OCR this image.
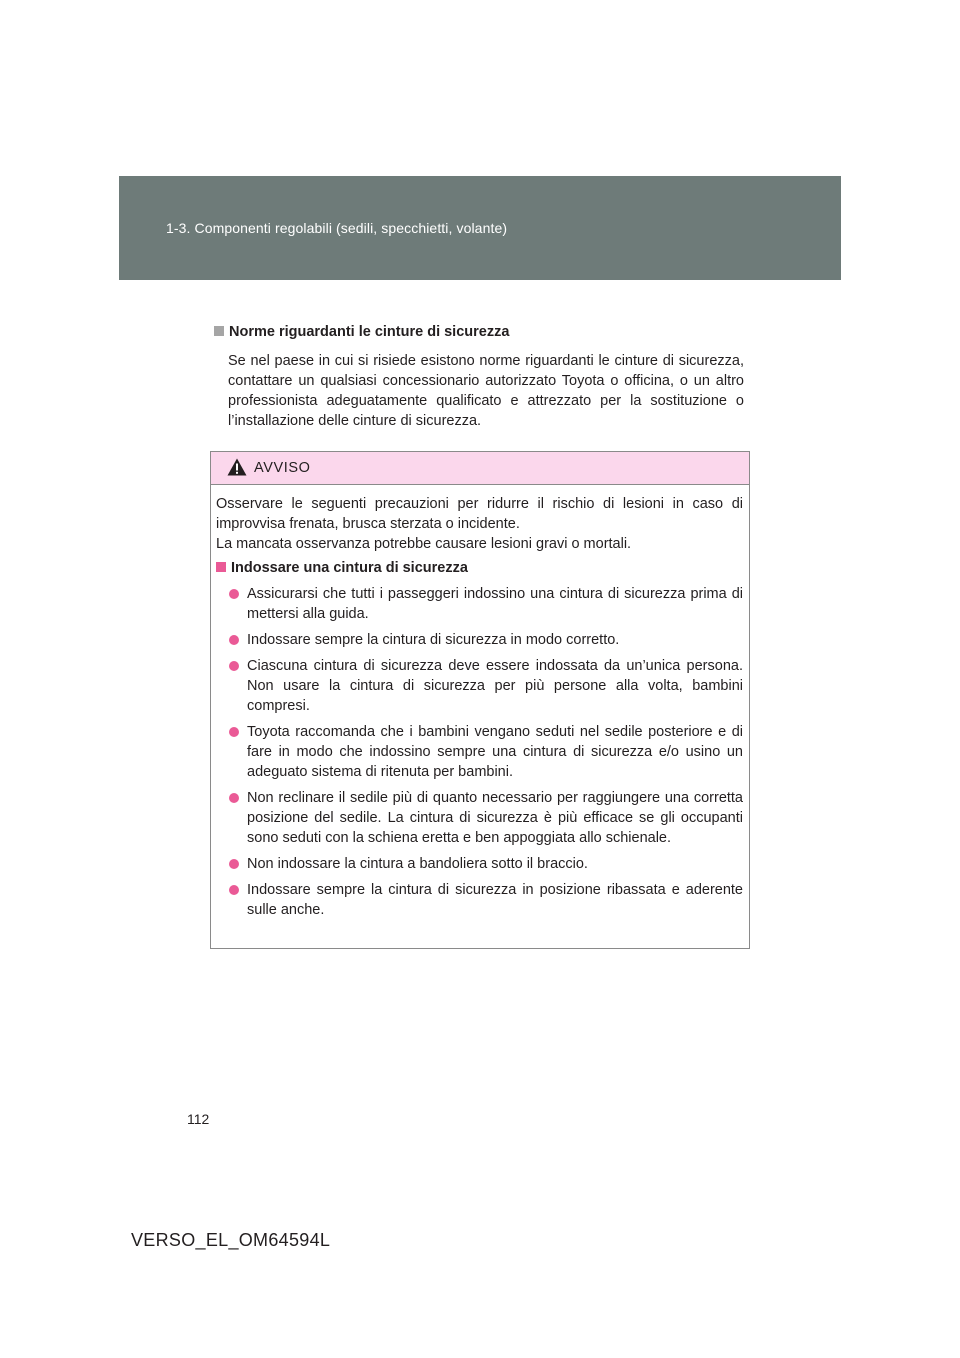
1-3. Componenti regolabili (sedili, specchietti, volante)
Norme riguardanti le cinture di sicurezza
Se nel paese in cui si risiede esistono norme riguardanti le cinture di sicurezza, contattare un qualsiasi concessionario autorizzato Toyota o officina, o un altro professionista adeguatamente qualificato e attrezzato per la sostituzione o l’installazione delle cinture di sicurezza.
AVVISO
Osservare le seguenti precauzioni per ridurre il rischio di lesioni in caso di improvvisa frenata, brusca sterzata o incidente.
La mancata osservanza potrebbe causare lesioni gravi o mortali.
Indossare una cintura di sicurezza
Assicurarsi che tutti i passeggeri indossino una cintura di sicurezza prima di mettersi alla guida.
Indossare sempre la cintura di sicurezza in modo corretto.
Ciascuna cintura di sicurezza deve essere indossata da un’unica persona. Non usare la cintura di sicurezza per più persone alla volta, bambini compresi.
Toyota raccomanda che i bambini vengano seduti nel sedile posteriore e di fare in modo che indossino sempre una cintura di sicurezza e/o usino un adeguato sistema di ritenuta per bambini.
Non reclinare il sedile più di quanto necessario per raggiungere una corretta posizione del sedile. La cintura di sicurezza è più efficace se gli occupanti sono seduti con la schiena eretta e ben appoggiata allo schienale.
Non indossare la cintura a bandoliera sotto il braccio.
Indossare sempre la cintura di sicurezza in posizione ribassata e aderente sulle anche.
112
VERSO_EL_OM64594L
